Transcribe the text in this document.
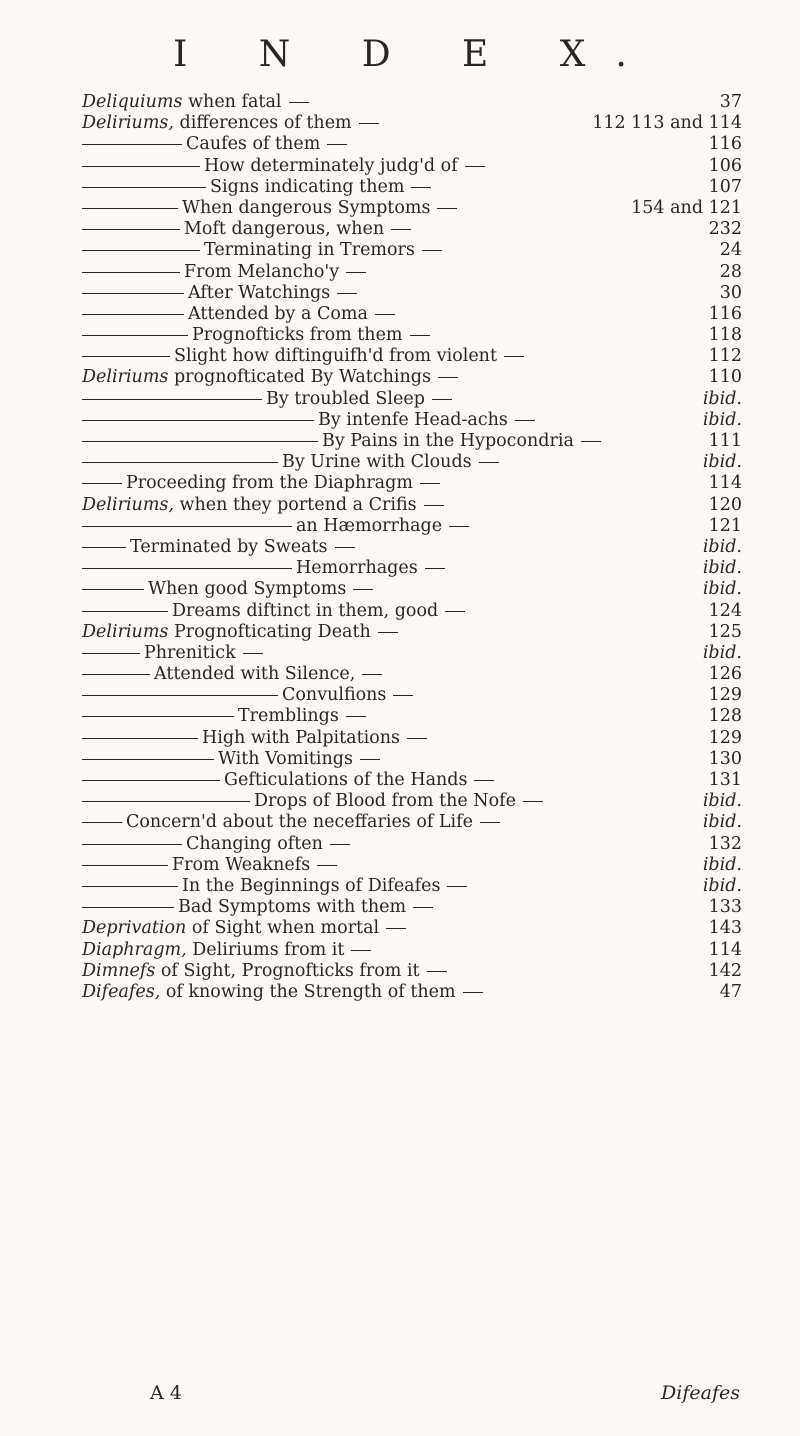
I N D E X.
Deliquiums when fatal	37
Deliriums, differences of them	112 113 and 114
Caufes of them	116
How determinately judg'd of	106
Signs indicating them	107
When dangerous Symptoms	154 and 121
Moft dangerous, when	232
Terminating in Tremors	24
From Melancho'y	28
After Watchings	30
Attended by a Coma	116
Prognofticks from them	118
Slight how diftinguifh'd from violent	112
Deliriums prognofticated By Watchings	110
By troubled Sleep	ibid.
By intenfe Head-achs	ibid.
By Pains in the Hypocondria	111
By Urine with Clouds	ibid.
Proceeding from the Diaphragm	114
Deliriums, when they portend a Crifis	120
an Hæmorrhage	121
Terminated by Sweats	ibid.
Hemorrhages	ibid.
When good Symptoms	ibid.
Dreams diftinct in them, good	124
Deliriums Prognofticating Death	125
Phrenitick	ibid.
Attended with Silence,	126
Convulfions	129
Tremblings	128
High with Palpitations	129
With Vomitings	130
Gefticulations of the Hands	131
Drops of Blood from the Nofe	ibid.
Concern'd about the neceffaries of Life	ibid.
Changing often	132
From Weaknefs	ibid.
In the Beginnings of Difeafes	ibid.
Bad Symptoms with them	133
Deprivation of Sight when mortal	143
Diaphragm, Deliriums from it	114
Dimnefs of Sight, Prognofticks from it	142
Difeafes, of knowing the Strength of them	47
A 4	Difeafes
